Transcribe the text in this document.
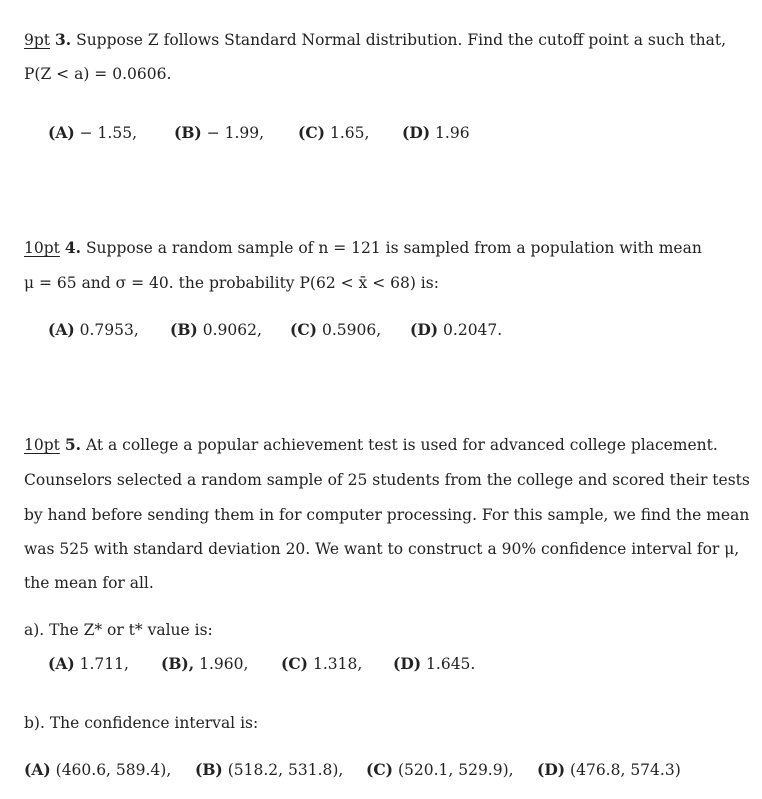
9pt 3. Suppose Z follows Standard Normal distribution. Find the cutoff point a such that,
P(Z < a) = 0.0606.
(A) − 1.55, (B) − 1.99, (C) 1.65, (D) 1.96
10pt 4. Suppose a random sample of n = 121 is sampled from a population with mean
μ = 65 and σ = 40. the probability P(62 < x̄ < 68) is:
(A) 0.7953, (B) 0.9062, (C) 0.5906, (D) 0.2047.
10pt 5. At a college a popular achievement test is used for advanced college placement.
Counselors selected a random sample of 25 students from the college and scored their tests
by hand before sending them in for computer processing. For this sample, we find the mean
was 525 with standard deviation 20. We want to construct a 90% confidence interval for μ,
the mean for all.
a). The Z* or t* value is:
(A) 1.711, (B), 1.960, (C) 1.318, (D) 1.645.
b). The confidence interval is:
(A) (460.6, 589.4), (B) (518.2, 531.8), (C) (520.1, 529.9), (D) (476.8, 574.3)
